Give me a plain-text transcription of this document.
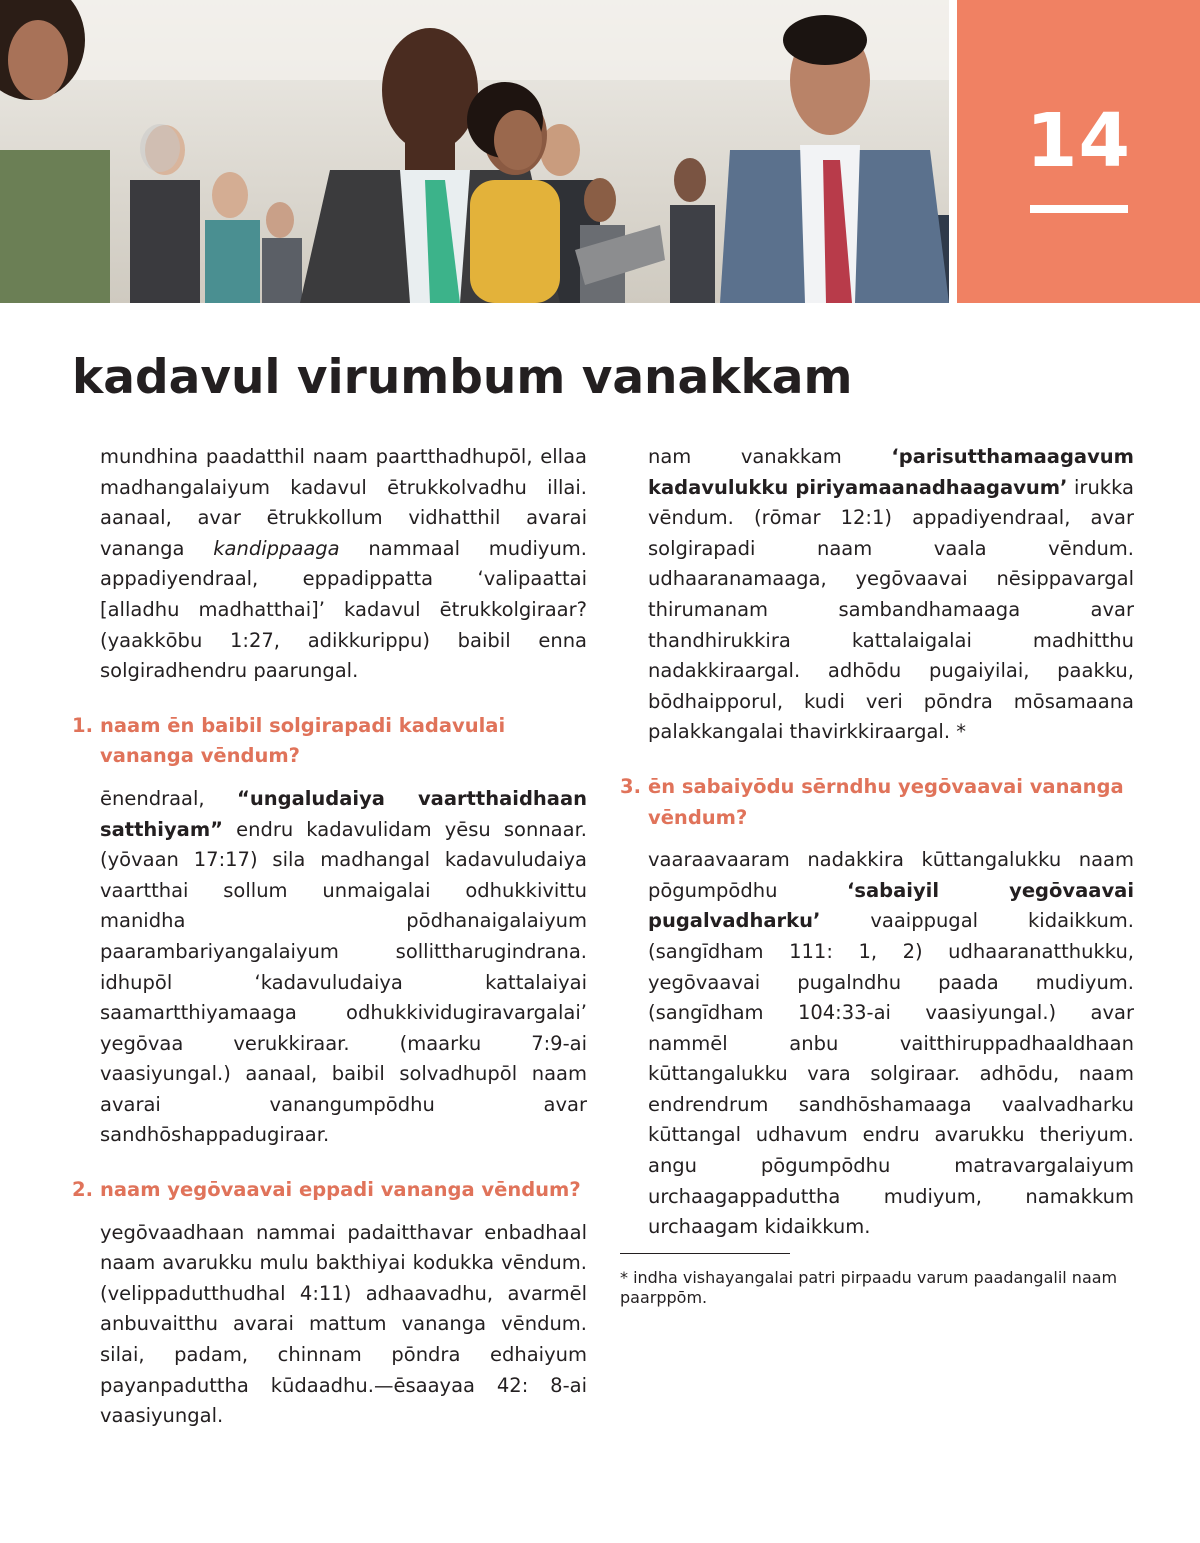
14
kadavul virumbum vanakkam

mundhina paadatthil naam paartthadhupōl, ellaa madhangalaiyum kadavul ētrukkolvadhu illai. aanaal, avar ētrukkollum vidhatthil avarai vananga kandippaaga nammaal mudiyum. appadiyendraal, eppadippatta ‘valipaattai [alladhu madhatthai]’ kadavul ētrukkolgiraar? (yaakkōbu 1:27, adikkurippu) baibil enna solgiradhendru paarungal.

1. naam ēn baibil solgirapadi kadavulai vananga vēndum?

ēnendraal, “ungaludaiya vaartthaidhaan satthiyam” endru kadavulidam yēsu sonnaar. (yōvaan 17:17) sila madhangal kadavuludaiya vaartthai sollum unmaigalai odhukkivittu manidha pōdhanaigalaiyum paarambariyangalaiyum sollittharugindrana. idhupōl ‘kadavuludaiya kattalaiyai saamartthiyamaaga odhukkividugiravargalai’ yegōvaa verukkiraar. (maarku 7:9-ai vaasiyungal.) aanaal, baibil solvadhupōl naam avarai vanangumpōdhu avar sandhōshappadugiraar.

2. naam yegōvaavai eppadi vananga vēndum?

yegōvaadhaan nammai padaitthavar enbadhaal naam avarukku mulu bakthiyai kodukka vēndum. (velippadutthudhal 4:11) adhaavadhu, avarmēl anbuvaitthu avarai mattum vananga vēndum. silai, padam, chinnam pōndra edhaiyum payanpaduttha kūdaadhu.—ēsaayaa 42: 8-ai vaasiyungal.

nam vanakkam ‘parisutthamaagavum kadavulukku piriyamaanadhaagavum’ irukka vēndum. (rōmar 12:1) appadiyendraal, avar solgirapadi naam vaala vēndum. udhaaranamaaga, yegōvaavai nēsippavargal thirumanam sambandhamaaga avar thandhirukkira kattalaigalai madhitthu nadakkiraargal. adhōdu pugaiyilai, paakku, bōdhaipporul, kudi veri pōndra mōsamaana palakkangalai thavirkkiraargal. *

3. ēn sabaiyōdu sērndhu yegōvaavai vananga vēndum?

vaaraavaaram nadakkira kūttangalukku naam pōgumpōdhu ‘sabaiyil yegōvaavai pugalvadharku’ vaaippugal kidaikkum. (sangīdham 111: 1, 2) udhaaranatthukku, yegōvaavai pugalndhu paada mudiyum. (sangīdham 104:33-ai vaasiyungal.) avar nammēl anbu vaitthiruppadhaaldhaan kūttangalukku vara solgiraar. adhōdu, naam endrendrum sandhōshamaaga vaalvadharku kūttangal udhavum endru avarukku theriyum. angu pōgumpōdhu matravargalaiyum urchaagappaduttha mudiyum, namakkum urchaagam kidaikkum.

* indha vishayangalai patri pirpaadu varum paadangalil naam paarppōm.
